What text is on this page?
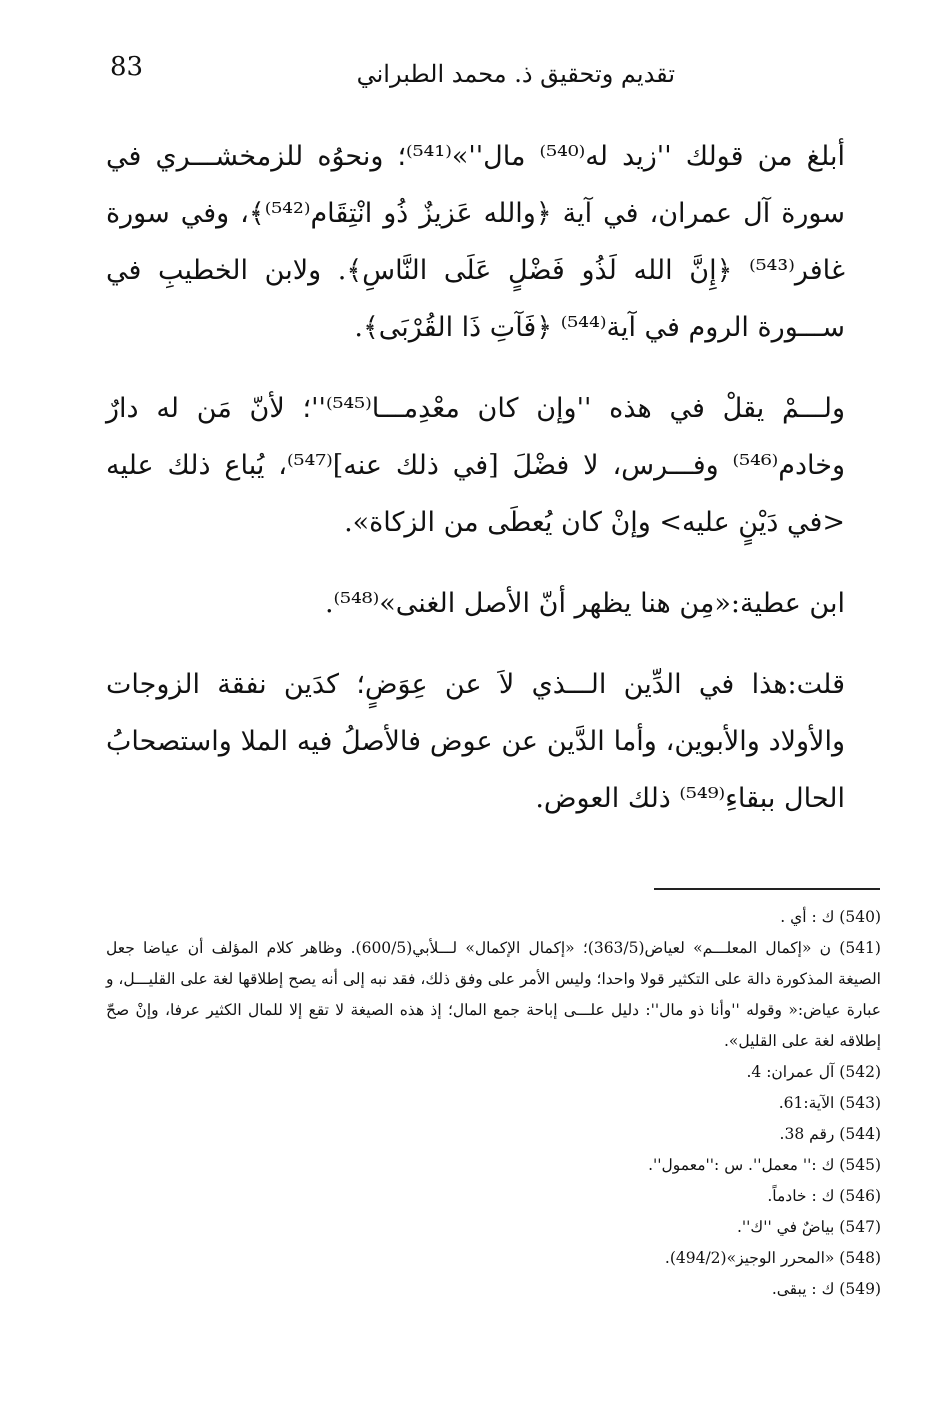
83	تقديم وتحقيق ذ. محمد الطبراني

أبلغ من قولك ''زيد له⁽⁵⁴⁰⁾ مال''»⁽⁵⁴¹⁾؛ ونحوُه للزمخشـــري في سورة آل عمران، في آية ﴿والله عَزيزٌ ذُو انْتِقَام⁽⁵⁴²⁾﴾، وفي سورة غافر⁽⁵⁴³⁾ ﴿إِنَّ الله لَذُو فَضْلٍ عَلَى النَّاسِ﴾. ولابن الخطيبِ في ســـورة الروم في آية⁽⁵⁴⁴⁾ ﴿فَآتِ ذَا القُرْبَى﴾.

ولـــمْ يقلْ في هذه ''وإن كان معْدِمـــا⁽⁵⁴⁵⁾''؛ لأنّ مَن له دارٌ وخادم⁽⁵⁴⁶⁾ وفـــرس، لا فضْلَ [في ذلك عنه]⁽⁵⁴⁷⁾، يُباع ذلك عليه <في دَيْنٍ عليه> وإنْ كان يُعطَى من الزكاة».

ابن عطية:«مِن هنا يظهر أنّ الأصل الغنى»⁽⁵⁴⁸⁾.

قلت:هذا في الدِّين الـــذي لاَ عن عِوَضٍ؛ كدَين نفقة الزوجات والأولاد والأبوين، وأما الدَّين عن عوض فالأصلُ فيه الملا واستصحابُ الحال ببقاءِ⁽⁵⁴⁹⁾ ذلك العوض.

(540) ك : أي .

(541) ن «إكمال المعلـــم» لعياض(363/5)؛ «إكمال الإكمال» لـــلأبي(600/5). وظاهر كلام المؤلف أن عياضا جعل الصيغة المذكورة دالة على التكثير قولا واحدا؛ وليس الأمر على وفق ذلك، فقد نبه إلى أنه يصح إطلاقها لغة على القليـــل، و عبارة عياض:« وقوله ''وأنا ذو مال'': دليل علـــى إباحة جمع المال؛ إذ هذه الصيغة لا تقع إلا للمال الكثير عرفا، وإنْ صحّ إطلاقه لغة على القليل».

(542) آل عمران: 4.

(543) الآية:61.

(544) رقم 38.

(545) ك :'' معمل''. س :''معمول''.

(546) ك : خادماً.

(547) بياضٌ في ''ك''.

(548) «المحرر الوجيز»(494/2).

(549) ك : يبقى.
